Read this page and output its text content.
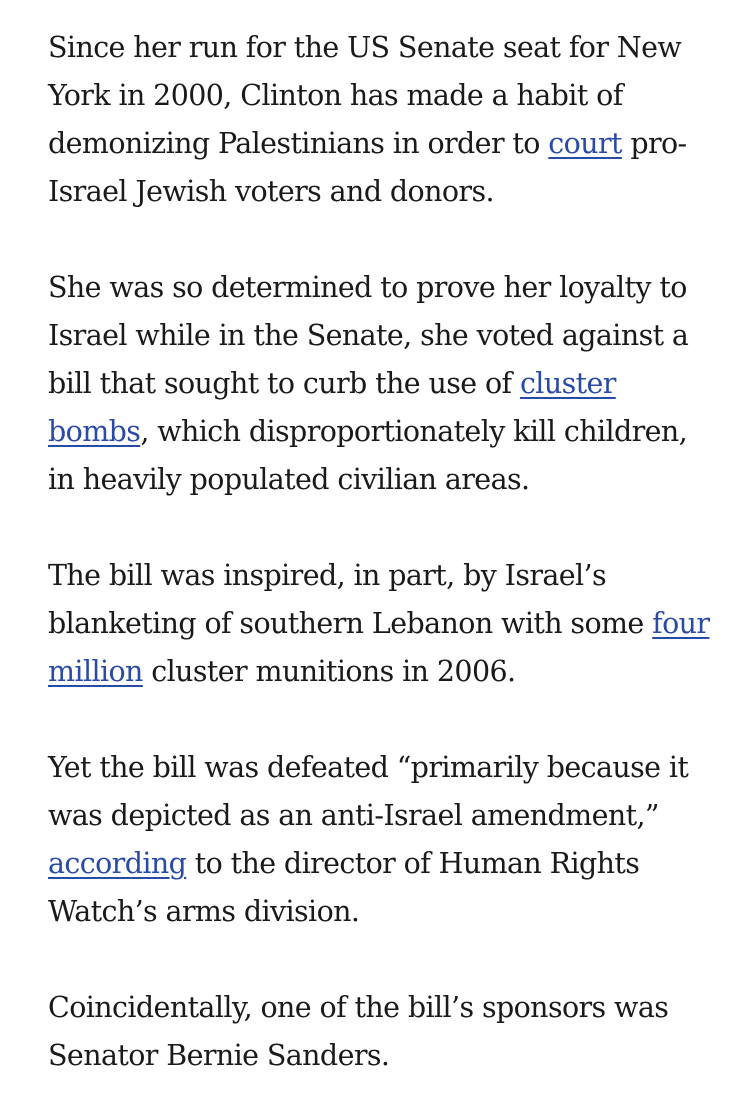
Since her run for the US Senate seat for New York in 2000, Clinton has made a habit of demonizing Palestinians in order to court pro-Israel Jewish voters and donors.

She was so determined to prove her loyalty to Israel while in the Senate, she voted against a bill that sought to curb the use of cluster bombs, which disproportionately kill children, in heavily populated civilian areas.

The bill was inspired, in part, by Israel’s blanketing of southern Lebanon with some four million cluster munitions in 2006.

Yet the bill was defeated “primarily because it was depicted as an anti-Israel amendment,” according to the director of Human Rights Watch’s arms division.

Coincidentally, one of the bill’s sponsors was Senator Bernie Sanders.
